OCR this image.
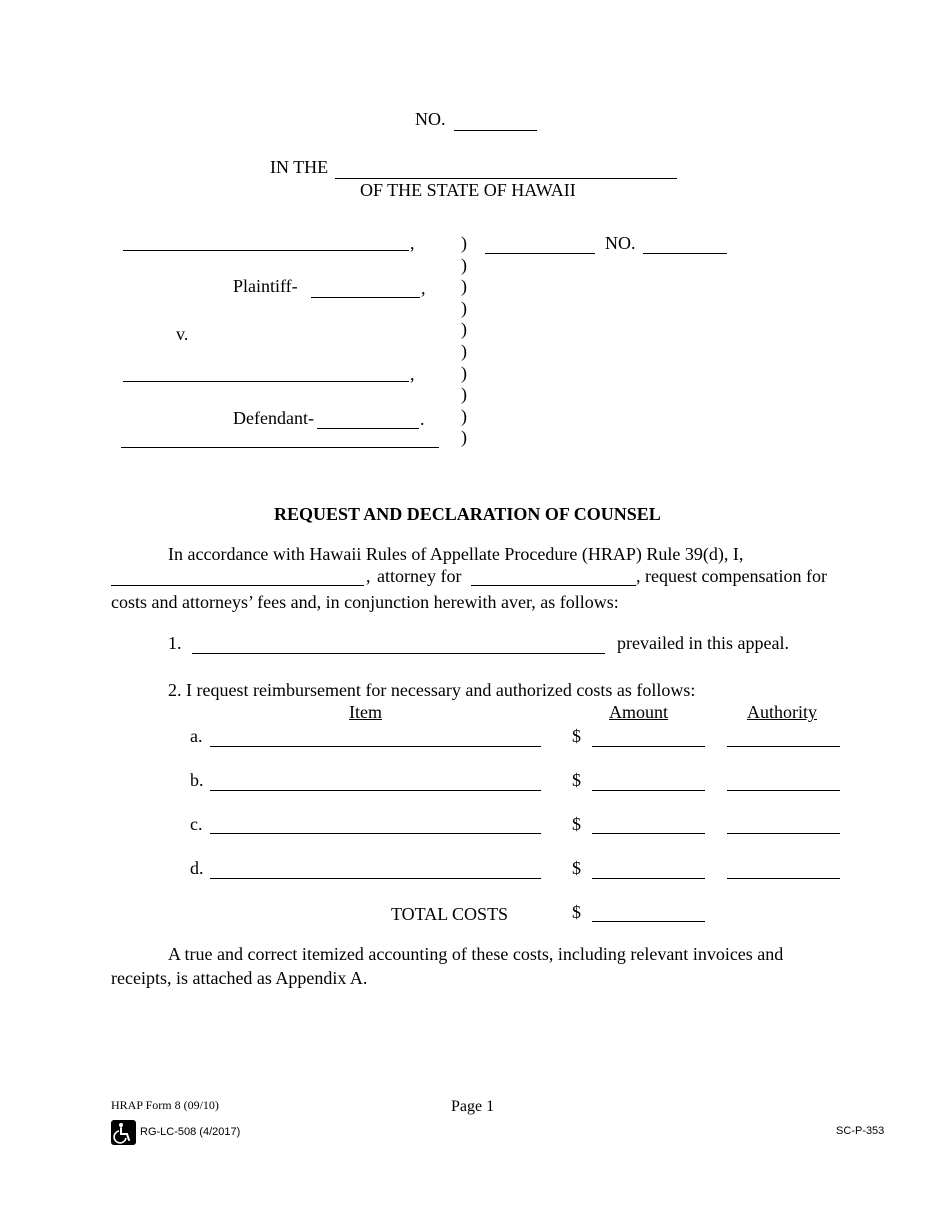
NO.
IN THE
OF THE STATE OF HAWAII
,
Plaintiff-	,
v.
,
Defendant-	.
)
)
)
)
)
)
)
)
)
)
NO.
REQUEST AND DECLARATION OF COUNSEL
In accordance with Hawaii Rules of Appellate Procedure (HRAP) Rule 39(d), I,
, attorney for	, request compensation for
costs and attorneys’ fees and, in conjunction herewith aver, as follows:
1.	prevailed in this appeal.
2. I request reimbursement for necessary and authorized costs as follows:
Item	Amount	Authority
a.	$
b.	$
c.	$
d.	$
TOTAL COSTS	$
A true and correct itemized accounting of these costs, including relevant invoices and
receipts, is attached as Appendix A.
HRAP Form 8 (09/10)	Page 1
RG-LC-508 (4/2017)	SC-P-353
